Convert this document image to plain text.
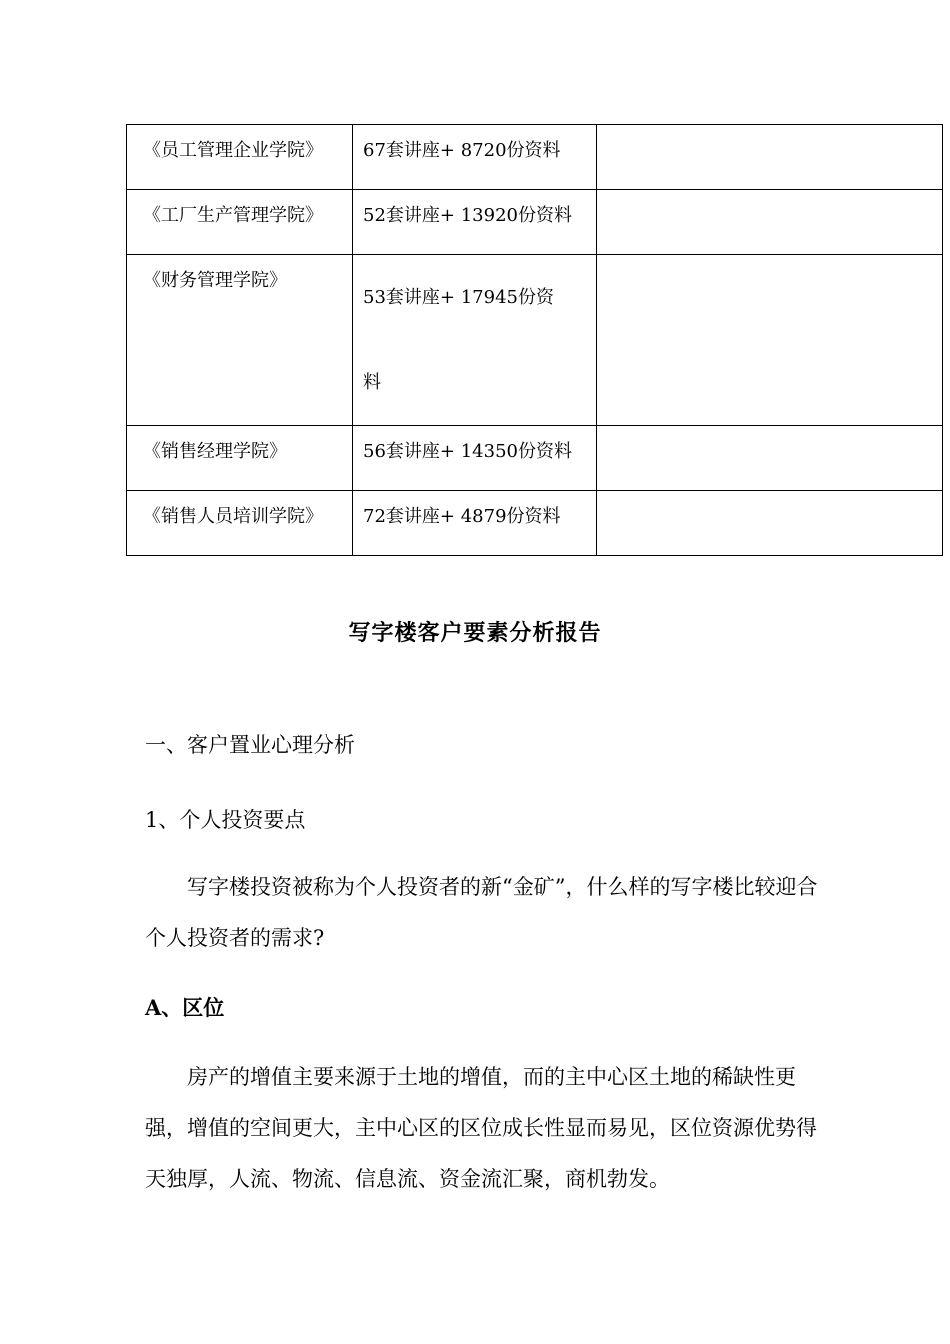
《员工管理企业学院》	67套讲座+ 8720份资料	
《工厂生产管理学院》	52套讲座+ 13920份资料	
《财务管理学院》	53套讲座+ 17945份资
料	

《销售经理学院》	56套讲座+ 14350份资料	
《销售人员培训学院》	72套讲座+ 4879份资料	
写字楼客户要素分析报告
一、客户置业心理分析
1、个人投资要点
写字楼投资被称为个人投资者的新“金矿”，什么样的写字楼比较迎合个人投资者的需求?
A、区位
房产的增值主要来源于土地的增值，而的主中心区土地的稀缺性更强，增值的空间更大，主中心区的区位成长性显而易见，区位资源优势得天独厚，人流、物流、信息流、资金流汇聚，商机勃发。
